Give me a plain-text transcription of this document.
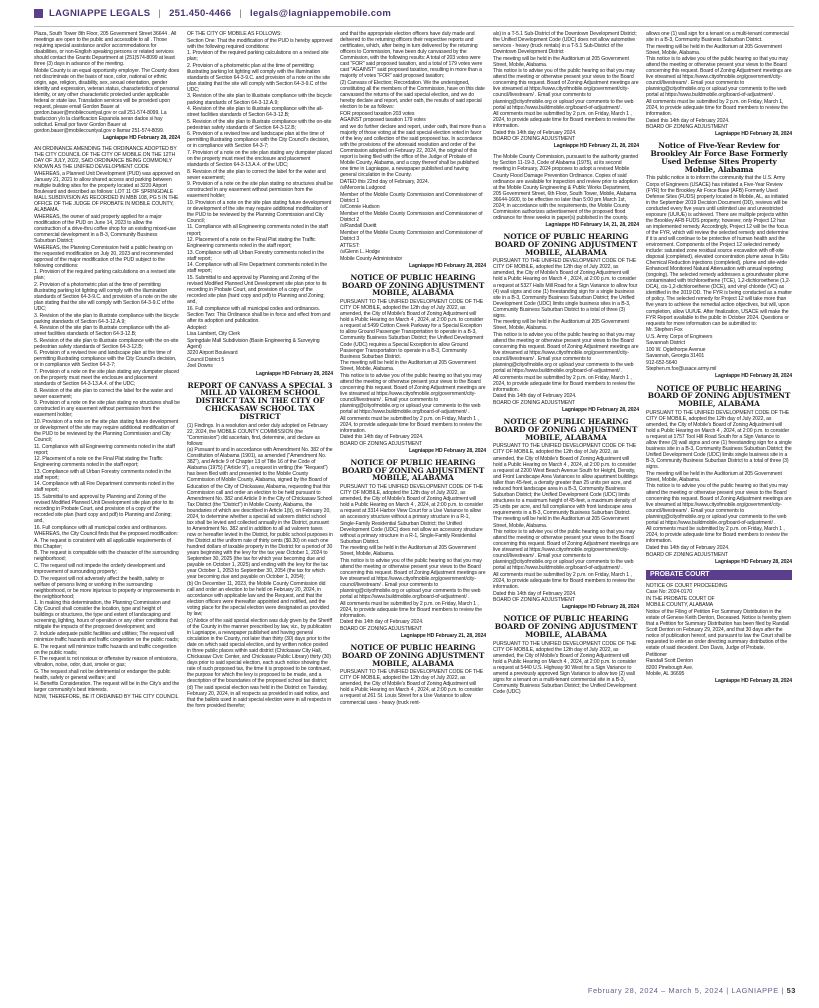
LAGNIAPPE LEGALS | 251.450-4466 | legals@lagniappemobile.com

Plaza, South Tower 8th Floor, 205 Government Street 36644 . All meetings are open to the public and accessible to all . Those requiring special assistance and/or accommodations for disabilities, or non-English speaking persons or related services should contact the Grants Department at (251)574-8099 at least three (3) days in advance of the meeting.

Mobile County is an equal opportunity employer. The County does not discriminate on the basis of race, color, national or ethnic origin, age, religion, disability, sex, sexual orientation, gender identity and expression, veteran status, characteristics of personal identity, or any other characteristic protected under applicable federal or state law. Translation services will be provided upon request, please email Gordon Bauer at gordon.bauer@mobilecountyal.gov or call 251-574-8099. La traduccion y/o la clarificacion Espanola seran dados si hay solicitud. Email por favor Gordon Bauer at gordon.bauer@mobilecountyal.gov o llamar 251-574-8099.

Lagniappe HD February 28, 2024

AN ORDINANCE AMENDING THE ORDINANCE ADOPTED BY THE CITY COUNCIL OF THE CITY OF MOBILE ON THE 12TH DAY OF JULY, 2022, SAID ORDINANCE BEING COMMONLY KNOWN AS THE UNIFIED DEVELOPMENT CODE

WHEREAS, a Planned Unit Development (PUD) was approved on January 21, 2021 to allow shared access and parking between multiple building sites for the property located at 3220 Airport Boulevard and described as follows: LOT 11 OF SPRINGDALE MALL SUBDIVISION AS RECORDED IN MBB 108, PG 5 IN THE OFFICE OF THE JUDGE OF PROBATE IN MOBILE COUNTY, ALABAMA.

WHEREAS, the owner of said property applied for a major modification of the PUD on June 14, 2023 to allow the construction of a drive-thru coffee shop for an existing mixed-use commercial development in a B-3, Community Business Suburban District;

WHEREAS, the Planning Commission held a public hearing on the requested modification on July 20, 2023 and recommended approval of the major modification of the PUD subject to the following conditions:

1. Provision of the required parking calculations on a revised site plan;

2. Provision of a photometric plan at the time of permitting illustrating parking lot lighting will comply with the illumination standards of Section 64-3-9.C. and provision of a note on the site plan stating that the site will comply with Section 64-3-9.C of the UDC;

3. Revision of the site plan to illustrate compliance with the bicycle parking standards of Section 64-3-12.A.9;

4. Revision of the site plan to illustrate compliance with the all-street facilities standards of Section 64-3-12.B;

5. Revision of the site plan to illustrate compliance with the on-site pedestrian safety standards of Section 64-3-12.B;

6. Provision of a revised tree and landscape plan at the time of permitting illustrating compliance with the City Council's decision, or in compliance with Section 64-3-7;

7. Provision of a note on the site plan stating any dumpster placed on the property must meet the enclosure and placement standards of Section 64-3-13.A.4. of the UDC;

8. Revision of the site plan to correct the label for the water and sewer easement;

9. Provision of a note on the site plan stating no structures shall be constructed in any easement without permission from the easement holder;

10. Provision of a note on the site plan stating future development or development of the site may require additional modification of the PUD to be reviewed by the Planning Commission and City Council;

11. Compliance with all Engineering comments noted in the staff report;

12. Placement of a note on the Final Plat stating the Traffic Engineering comments noted in the staff report;

13. Compliance with all Urban Forestry comments noted in the staff report;

14. Compliance with all Fire Department comments noted in the staff report;

15. Submittal to and approval by Planning and Zoning of the revised Modified Planned Unit Development site plan prior to its recording in Probate Court, and provision of a copy of the recorded site plan (hard copy and pdf) to Planning and Zoning; and,

16. Full compliance with all municipal codes and ordinances.

WHEREAS, the City Council finds that the proposed modification:

A. The request is consistent with all applicable requirements of this Chapter;

B. The request is compatible with the character of the surrounding neighborhood;

C. The request will not impede the orderly development and improvement of surrounding property;

D. The request will not adversely affect the health, safety or welfare of persons living or working in the surrounding neighborhood, or be more injurious to property or improvements in the neighborhood;

1. In making this determination, the Planning Commission and City Council shall consider the location, type and height of buildings or structures, the type and extent of landscaping and screening, lighting, hours of operation or any other conditions that mitigate the impacts of the proposed development; and

2. Include adequate public facilities and utilities; The request will minimize traffic hazards and traffic congestion on the public roads;

E. The request will minimize traffic hazards and traffic congestion on the public roads;

F. The request is not noxious or offensive by reason of emissions, vibration, noise, odor, dust, smoke or gas;

G. The request shall not be detrimental or endanger the public health, safety or general welfare; and

H. Benefits Consideration. The request will be in the City's and the larger community's best interests.

NOW, THEREFORE, BE IT ORDAINED BY THE CITY COUNCIL

OF THE CITY OF MOBILE AS FOLLOWS:

Section One: That the modification of the PUD is hereby approved with the following required conditions:

1. Provision of the required parking calculations on a revised site plan;

2. Provision of a photometric plan at the time of permitting illustrating parking lot lighting will comply with the illumination standards of Section 64-3-9.C. and provision of a note on the site plan stating that the site will comply with Section 64-3-9.C of the UDC;

3. Revision of the site plan to illustrate compliance with the bicycle parking standards of Section 64-3-12.A.9;

4. Revision of the site plan to illustrate compliance with the all-street facilities standards of Section 64-3-12.B;

5. Revision of the site plan to illustrate compliance with the on-site pedestrian safety standards of Section 64-3-12.B;

6. Provision of a revised tree and landscape plan at the time of permitting illustrating compliance with the City Council's decision, or in compliance with Section 64-3-7;

7. Provision of a note on the site plan stating any dumpster placed on the property must meet the enclosure and placement standards of Section 64-3-13.A.4. of the UDC;

8. Revision of the site plan to correct the label for the water and sewer easement;

9. Provision of a note on the site plan stating no structures shall be constructed in any easement without permission from the easement holder;

10. Provision of a note on the site plan stating future development or development of the site may require additional modification of the PUD to be reviewed by the Planning Commission and City Council;

11. Compliance with all Engineering comments noted in the staff report;

12. Placement of a note on the Final Plat stating the Traffic Engineering comments noted in the staff report;

13. Compliance with all Urban Forestry comments noted in the staff report;

14. Compliance with all Fire Department comments noted in the staff report;

15. Submittal to and approval by Planning and Zoning of the revised Modified Planned Unit Development site plan prior to its recording in Probate Court, and provision of a copy of the recorded site plan (hard copy and pdf) to Planning and Zoning; and,

16. Full compliance with all municipal codes and ordinances.

Section Two: This Ordinance shall be in force and effect from and after its adoption and publication.

Adopted:

Lisa Lambert, City Clerk

Springdale Mall Subdivision (Basin Engineering & Surveying Agent)

3220 Airport Boulevard

Council District 5

Joel Downs

Lagniappe HD February 28, 2024

REPORT OF CANVASS A SPECIAL 3 MILL AD VALOREM SCHOOL DISTRICT TAX IN THE CITY OF CHICKASAW SCHOOL TAX DISTRICT

(1) Findings. In a resolution and order duly adopted on February 22, 2024, the MOBILE COUNTY COMMISSION (the "Commission") did ascertain, find, determine, and declare as follows:

(a) Pursuant to and in accordance with Amendment No. 382 of the Constitution of Alabama (1901), as amended ("Amendment No. 382"), and Article 9 of Chapter 13 of Title 16 of the Code of Alabama (1975) ("Article 9"), a request in writing (the "Request") has been filed with and presented to the Mobile County Commission of Mobile County, Alabama, signed by the Board of Education of the City of Chickasaw, Alabama, requesting that this Commission call and order an election to be held pursuant to Amendment No. 382 and Article 9 in the City of Chickasaw School Tax District (the "District") in Mobile County, Alabama, the boundaries of which are described in Article 1(b), on February 20, 2024, to determine whether a special ad valorem district school tax shall be levied and collected annually in the District, pursuant to Amendment No. 382 and in addition to all ad valorem taxes now or hereafter levied in the District, for public school purposes in the District at the uniform rate of thirty cents ($0.30) on each one hundred dollars of taxable property in the District for a period of 30 years beginning with the levy for the tax year October 1, 2024 to September 30, 2025 (the tax for which year becoming due and payable on October 1, 2025) and ending with the levy for the tax year October 1, 2053 to September 30, 2054 (the tax for which year becoming due and payable on October 1, 2054);

(b) On December 11, 2023, the Mobile County Commission did call and order an election to be held on February 20, 2024, in accordance with applicable law and the Request, and that the election officers were thereafter appointed and notified, and the voting place for the special election were designated as provided by law;

(c) Notice of the said special election was duly given by the Sheriff of the County in the manner prescribed by law, viz., by publication in Lagniappe, a newspaper published and having general circulation in the County, not later than thirty (30) days prior to the date on which said special election, and by written notice posted in three public places within said district (Chickasaw City Hall, Chickasaw Civic Center, and Chickasaw Public Library) thirty (30) days prior to said special election, each such notice showing the rate of such proposed tax, the time it is proposed to be continued, the purpose for which the levy is proposed to be made, and a description of the boundaries of the proposed school tax district;

(d) The said special election was held in the District on Tuesday, February 20, 2024, in all respects as provided in said notice, and that the ballots used in said special election were in all respects in the form provided therefor;

and that the appropriate election officers have duly made and delivered to the returning officers their respective reports and certificates, which, after being in turn delivered by the returning officers to Commission, have been duly canvassed by the Commission, with the following results: A total of 203 votes were cast "FOR" said proposed taxation, and a total of 179 votes were cast "AGAINST" said proposed taxation, resulting in more than a majority of votes "FOR" said proposed taxation;

(2) Canvass of Election; Recordation. We the undersigned, constituting all the members of the Commission, have on this date canvassed the returns of the said special election, and we do hereby declare and report, under oath, the results of said special election to be as follows:

FOR proposed taxation 203 votes

AGAINST proposed taxation 179 votes

and we do further declare and report, under oath, that more than a majority of those voting at the said special election voted in favor of the levy and collection of the said proposed tax. In accordance with the provisions of the aforesaid resolution and order of the Commission adopted on February 22, 2024, the original of this report is being filed with the office of the Judge of Probate of Mobile County, Alabama, and a copy thereof shall be published one time in Lagniappe, a newspaper published and having general circulation in the County.

DATED this 22nd day of February, 2024.

/s/Merceria Ludgood

Member of the Mobile County Commission and Commissioner of District 1

/s/Connie Hudson

Member of the Mobile County Commission and Commissioner of District 2

/s/Randall Dueitt

Member of the Mobile County Commission and Commissioner of District 3

ATTEST:

/s/Glenn L. Hodge

Mobile County Administrator

Lagniappe HD February 28, 2024

NOTICE OF PUBLIC HEARING BOARD OF ZONING ADJUSTMENT MOBILE, ALABAMA

PURSUANT TO THE UNIFIED DEVELOPMENT CODE OF THE CITY OF MOBILE, adopted the 12th day of July 2022, as amended, the City of Mobile's Board of Zoning Adjustment will hold a Public Hearing on March 4 , 2024, at 2:00 p.m. to consider a request at 5499 Cotton Creek Parkway for a Special Exception to allow Ground Passenger Transportation to operate in a B-3, Community Business Suburban District; the Unified Development Code (UDC) requires a Special Exception to allow Ground Passenger Transportation to operate in a B-3, Community Business Suburban District.

The meeting will be held in the Auditorium at 205 Government Street, Mobile, Alabama.

This notice is to advise you of the public hearing so that you may attend the meeting or otherwise present your views to the Board concerning this request. Board of Zoning Adjustment meetings are live streamed at https://www.cityofmobile.org/government/city-council/livestream/ . Email your comments to planning@cityofmobile.org or upload your comments to the web portal at https://www.buildmobile.org/board-of-adjustment/ .

All comments must be submitted by 2 p.m. on Friday, March 1 , 2024, to provide adequate time for Board members to review the information.

Dated this 14th day of February 2024.

BOARD OF ZONING ADJUSTMENT

Lagniappe HD February 28, 2024

NOTICE OF PUBLIC HEARING BOARD OF ZONING ADJUSTMENT MOBILE, ALABAMA

PURSUANT TO THE UNIFIED DEVELOPMENT CODE OF THE CITY OF MOBILE, adopted the 12th day of July 2022, as amended, the City of Mobile's Board of Zoning Adjustment will hold a Public Hearing on March 4 , 2024, at 2:00 p.m. to consider a request at 3314 Harbor View Court for a Use Variance to allow an accessory structure without a primary structure in a R-1, Single-Family Residential Suburban District; the Unified Development Code (UDC) does not allow an accessory structure without a primary structure in a R-1, Single-Family Residential Suburban District.

The meeting will be held in the Auditorium at 205 Government Street, Mobile, Alabama.

This notice is to advise you of the public hearing so that you may attend the meeting or otherwise present your views to the Board concerning this request. Board of Zoning Adjustment meetings are live streamed at https://www.cityofmobile.org/government/city-council/livestream/ . Email your comments to planning@cityofmobile.org or upload your comments to the web portal at https://www.buildmobile.org/board-of-adjustment/ .

All comments must be submitted by 2 p.m. on Friday, March 1 , 2024, to provide adequate time for Board members to review the information.

Dated this 14th day of February 2024.

BOARD OF ZONING ADJUSTMENT

Lagniappe HD February 21, 28, 2024

NOTICE OF PUBLIC HEARING BOARD OF ZONING ADJUSTMENT MOBILE, ALABAMA

PURSUANT TO THE UNIFIED DEVELOPMENT CODE OF THE CITY OF MOBILE, adopted the 12th day of July 2022, as amended, the City of Mobile's Board of Zoning Adjustment will hold a Public Hearing on March 4 , 2024, at 2:00 p.m. to consider a request at 261 St. Louis Street for a Use Variance to allow commercial uses - heavy (truck rent-

als) in a T-5.1 Sub-District of the Downtown Development District; the Unified Development Code (UDC) does not allow automotive services - heavy (truck rentals) in a T-5.1 Sub-District of the Downtown Development District

The meeting will be held in the Auditorium at 205 Government Street, Mobile, Alabama.

This notice is to advise you of the public hearing so that you may attend the meeting or otherwise present your views to the Board concerning this request. Board of Zoning Adjustment meetings are live streamed at https://www.cityofmobile.org/government/city-council/livestream/ . Email your comments to planning@cityofmobile.org or upload your comments to the web portal at https://www.buildmobile.org/board-of-adjustment/ .

All comments must be submitted by 2 p.m. on Friday, March 1 , 2024, to provide adequate time for Board members to review the information.

Dated this 14th day of February 2024.

BOARD OF ZONING ADJUSTMENT

Lagniappe HD February 21, 28, 2024

The Mobile County Commission, pursuant to the authority granted by Section 11-19-3, Code of Alabama (1975), at its second meeting in February, 2024 proposes to adopt a revised Mobile County Flood Damage Prevention Ordinance. Copies of said ordinance are available for inspection and review prior to adoption at the Mobile County Engineering & Public Works Department, 205 Government Street, 6th Floor, South Tower, Mobile, Alabama 36644-1600, to be effective no later than 5:00 pm March 1st, 2024; in accordance with the requirements, the Mobile County Commission authorizes advertisement of the proposed flood ordinance for three weeks in paper(s) published in the county.

Lagniappe HD February 14, 21, 28, 2024

NOTICE OF PUBLIC HEARING BOARD OF ZONING ADJUSTMENT MOBILE, ALABAMA

PURSUANT TO THE UNIFIED DEVELOPMENT CODE OF THE CITY OF MOBILE, adopted the 12th day of July 2022, as amended, the City of Mobile's Board of Zoning Adjustment will hold a Public Hearing on March 4 , 2024, at 2:00 p.m. to consider a request at 5327 Halls Mill Road for a Sign Variance to allow four (4) wall signs and one (1) freestanding sign for a single business site in a B-3, Community Business Suburban District; the Unified Development Code (UDC) limits single business sites in a B-3, Community Business Suburban District to a total of three (3) signs.

The meeting will be held in the Auditorium at 205 Government Street, Mobile, Alabama.

This notice is to advise you of the public hearing so that you may attend the meeting or otherwise present your views to the Board concerning this request. Board of Zoning Adjustment meetings are live streamed at https://www.cityofmobile.org/government/city-council/livestream/ . Email your comments to planning@cityofmobile.org or upload your comments to the web portal at https://www.buildmobile.org/board-of-adjustment/ .

All comments must be submitted by 2 p.m. on Friday, March 1 , 2024, to provide adequate time for Board members to review the information.

Dated this 14th day of February 2024.

BOARD OF ZONING ADJUSTMENT

Lagniappe HD February 28, 2024

NOTICE OF PUBLIC HEARING BOARD OF ZONING ADJUSTMENT MOBILE, ALABAMA

PURSUANT TO THE UNIFIED DEVELOPMENT CODE OF THE CITY OF MOBILE, adopted the 12th day of July 2022, as amended, the City of Mobile's Board of Zoning Adjustment will hold a Public Hearing on March 4 , 2024, at 2:00 p.m. to consider a request at 2200 West Beach Avenue South for Height, Density, and Front Landscape Area Variances to allow apartment buildings taller than 45-feet, a density greater than 25 units per acre, and reduced front landscape area in a B-3, Community Business Suburban District; the Unified Development Code (UDC) limits structures to a maximum height of 45-feet, a maximum density of 25 units per acre, and full compliance with front landscape area requirements in a B-3, Community Business Suburban District.

The meeting will be held in the Auditorium at 205 Government Street, Mobile, Alabama.

This notice is to advise you of the public hearing so that you may attend the meeting or otherwise present your views to the Board concerning this request. Board of Zoning Adjustment meetings are live streamed at https://www.cityofmobile.org/government/city-council/livestream/ . Email your comments to planning@cityofmobile.org or upload your comments to the web portal at https://www.buildmobile.org/board-of-adjustment/ .

All comments must be submitted by 2 p.m. on Friday, March 1 , 2024, to provide adequate time for Board members to review the information.

Dated this 14th day of February 2024.

BOARD OF ZONING ADJUSTMENT

Lagniappe HD February 28, 2024

NOTICE OF PUBLIC HEARING BOARD OF ZONING ADJUSTMENT MOBILE, ALABAMA

PURSUANT TO THE UNIFIED DEVELOPMENT CODE OF THE CITY OF MOBILE, adopted the 12th day of July 2022, as amended, the City of Mobile's Board of Zoning Adjustment will hold a Public Hearing on March 4 , 2024, at 2:00 p.m. to consider a request at 5440 U.S. Highway 90 West for a Sign Variance to amend a previously approved Sign Variance to allow two (2) wall signs for a tenant on a multi-tenant commercial site in a B-3, Community Business Suburban District; the Unified Development Code (UDC)

allows one (1) wall sign for a tenant on a multi-tenant commercial site in a B-3, Community Business Suburban District.

The meeting will be held in the Auditorium at 205 Government Street, Mobile, Alabama.

This notice is to advise you of the public hearing so that you may attend the meeting or otherwise present your views to the Board concerning this request. Board of Zoning Adjustment meetings are live streamed at https://www.cityofmobile.org/government/city-council/livestream/ . Email your comments to planning@cityofmobile.org or upload your comments to the web portal at https://www.buildmobile.org/board-of-adjustment/ .

All comments must be submitted by 2 p.m. on Friday, March 1, 2024, to provide adequate time for Board members to review the information.

Dated this 14th day of February 2024.

BOARD OF ZONING ADJUSTMENT

Lagniappe HD February 28, 2024

Notice of Five-Year Review for Brookley Air Force Base Formerly Used Defense Sites Property Mobile, Alabama

This public notice is to inform the community that the U.S. Army Corps of Engineers (USACE) has initiated a Five-Year Review (FYR) for the Brookley Air Force Base (AFB) Formerly Used Defense Sites (FUDS) property located in Mobile, AL, as initiated in the September 2019 Decision Document (DD), reviews will be conducted every five years until unlimited use and unrestricted exposure (UU/UE) is achieved. There are multiple projects within the Brookley AFB FUDS property; however, only Project 12 has an implemented remedy. Accordingly, Project 12 will be the focus of the FYR, which will review the selected remedy and determine if it is and will continue to be protective of human health and the environment. Components of the Project 12 selected remedy include: saturated zone residual source excavation with off-site disposal (completed), elevated concentration plume areas In Situ Chemical Reduction injections (completed), plume and site-wide Enhanced Monitored Natural Attenuation with annual reporting (ongoing). The selected remedy addresses a groundwater plume contaminated with trichloroethene (TCE), 1,2-dichloroethene (1,2-DCA), cis-1,2-dichloroethene (DCE), and vinyl chloride (VC) as identified in the 2019 DD. The FYR is being conducted as a matter of policy. The selected remedy for Project 12 will take more than five years to achieve the remedial action objectives, but will, upon completion, allow UU/UE. After finalization, USACE will make the FYR Report available to the public in October 2024. Questions or requests for more information can be submitted to:

Mr. Stephen Fox

U.S. Army Corps of Engineers

Savannah District

100 W. Oglethorpe Avenue

Savannah, Georgia 31401

912-652-5640

Stephen.m.fox@usace.army.mil

Lagniappe HD February 28, 2024

NOTICE OF PUBLIC HEARING BOARD OF ZONING ADJUSTMENT MOBILE, ALABAMA

PURSUANT TO THE UNIFIED DEVELOPMENT CODE OF THE CITY OF MOBILE, adopted the 12th day of July 2022, as amended, the City of Mobile's Board of Zoning Adjustment will hold a Public Hearing on March 4 , 2024, at 2:00 p.m. to consider a request at 1757 Tool Hill Road South for a Sign Variance to allow three (3) wall signs and one (1) freestanding sign for a single business site in a B-3, Community Business Suburban District; the Unified Development Code (UDC) limits single business site in a B-3, Community Business Suburban District to a total of three (3) signs.

The meeting will be held in the Auditorium at 205 Government Street, Mobile, Alabama.

This notice is to advise you of the public hearing so that you may attend the meeting or otherwise present your views to the Board concerning this request. Board of Zoning Adjustment meetings are live streamed at https://www.cityofmobile.org/government/city-council/livestream/ . Email your comments to planning@cityofmobile.org or upload your comments to the web portal at https://www.buildmobile.org/board-of-adjustment/ .

All comments must be submitted by 2 p.m. on Friday, March 1 , 2024, to provide adequate time for Board members to review the information.

Dated this 14th day of February 2024.

BOARD OF ZONING ADJUSTMENT

Lagniappe HD February 28, 2024

PROBATE COURT

NOTICE OF COURT PROCEEDING

Case No: 2024-0170

IN THE PROBATE COURT OF

MOBILE COUNTY, ALABAMA

Notice of the Filing of Petition For Summary Distribution in the estate of Genese Keith Denton, Deceased. Notice is hereby given that a Petition for Summary Distribution has been filed by Randall Scott Denton on February 29, 2024, and that 30 days after the notice of publication hereof, and pursuant to law the Court shall be requested to enter an order directing summary distribution of the estate of said decedent. Don Davis, Judge of Probate.

Petitioner

Randall Scott Denton

8200 Pinebough Ave.

Mobile, AL 36695

Lagniappe HD February 28, 2024

February 28, 2024 – March 5, 2024 | LAGNIAPPE | 53
